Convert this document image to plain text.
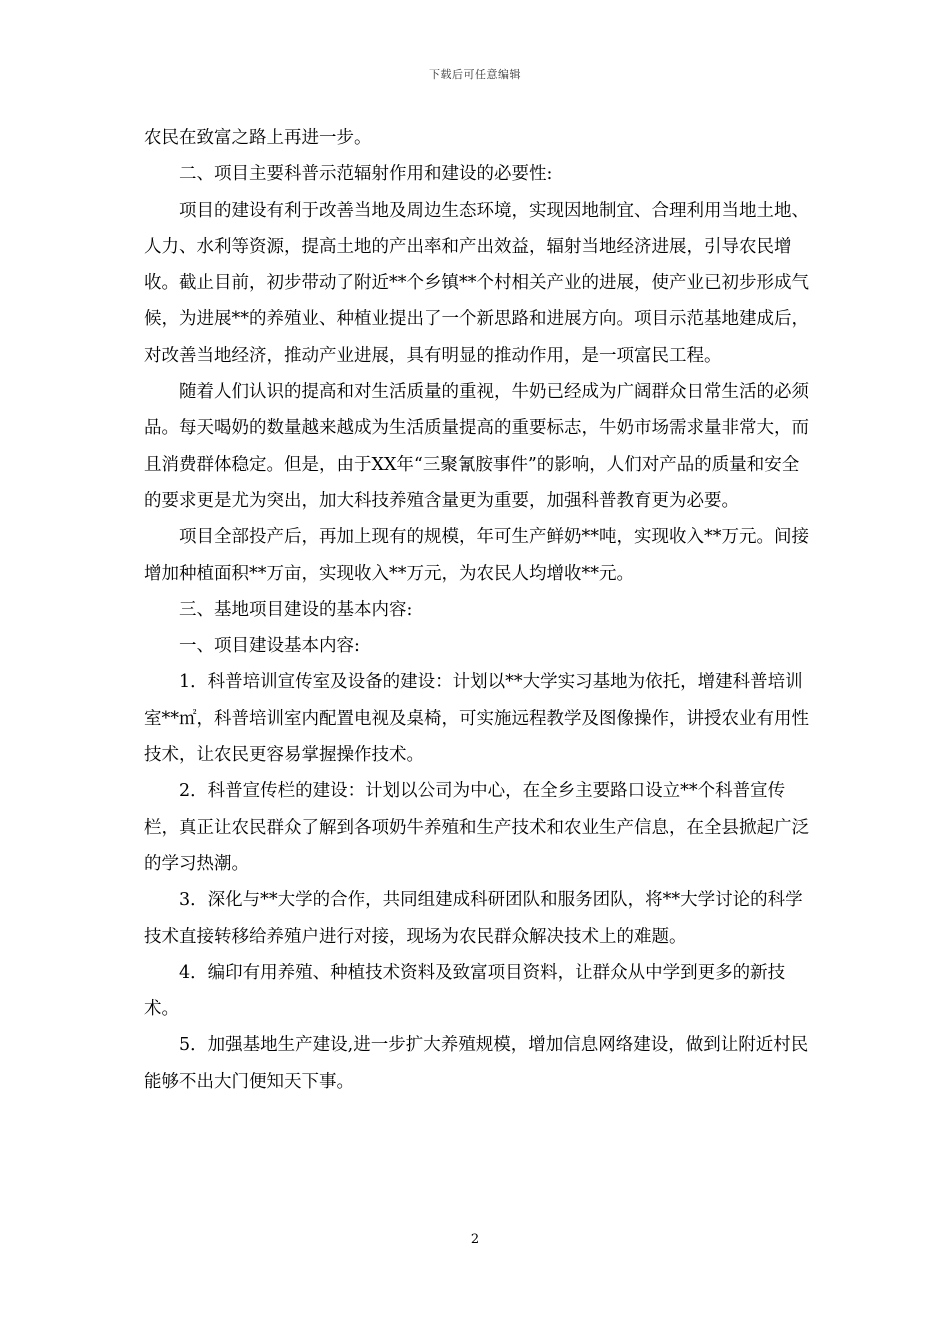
下载后可任意编辑

农民在致富之路上再进一步。

二、项目主要科普示范辐射作用和建设的必要性:

项目的建设有利于改善当地及周边生态环境，实现因地制宜、合理利用当地土地、人力、水利等资源，提高土地的产出率和产出效益，辐射当地经济进展，引导农民增收。截止目前，初步带动了附近**个乡镇**个村相关产业的进展，使产业已初步形成气候，为进展**的养殖业、种植业提出了一个新思路和进展方向。项目示范基地建成后，对改善当地经济，推动产业进展，具有明显的推动作用，是一项富民工程。

随着人们认识的提高和对生活质量的重视，牛奶已经成为广阔群众日常生活的必须品。每天喝奶的数量越来越成为生活质量提高的重要标志，牛奶市场需求量非常大，而且消费群体稳定。但是，由于XX年“三聚氰胺事件”的影响，人们对产品的质量和安全的要求更是尤为突出，加大科技养殖含量更为重要，加强科普教育更为必要。

项目全部投产后，再加上现有的规模，年可生产鲜奶**吨，实现收入**万元。间接增加种植面积**万亩，实现收入**万元，为农民人均增收**元。

三、基地项目建设的基本内容:

一、项目建设基本内容:

1．科普培训宣传室及设备的建设：计划以**大学实习基地为依托，增建科普培训室**㎡，科普培训室内配置电视及桌椅，可实施远程教学及图像操作，讲授农业有用性技术，让农民更容易掌握操作技术。

2．科普宣传栏的建设：计划以公司为中心，在全乡主要路口设立**个科普宣传栏，真正让农民群众了解到各项奶牛养殖和生产技术和农业生产信息，在全县掀起广泛的学习热潮。

3．深化与**大学的合作，共同组建成科研团队和服务团队，将**大学讨论的科学技术直接转移给养殖户进行对接，现场为农民群众解决技术上的难题。

4．编印有用养殖、种植技术资料及致富项目资料，让群众从中学到更多的新技术。

5．加强基地生产建设,进一步扩大养殖规模，增加信息网络建设，做到让附近村民能够不出大门便知天下事。

2
